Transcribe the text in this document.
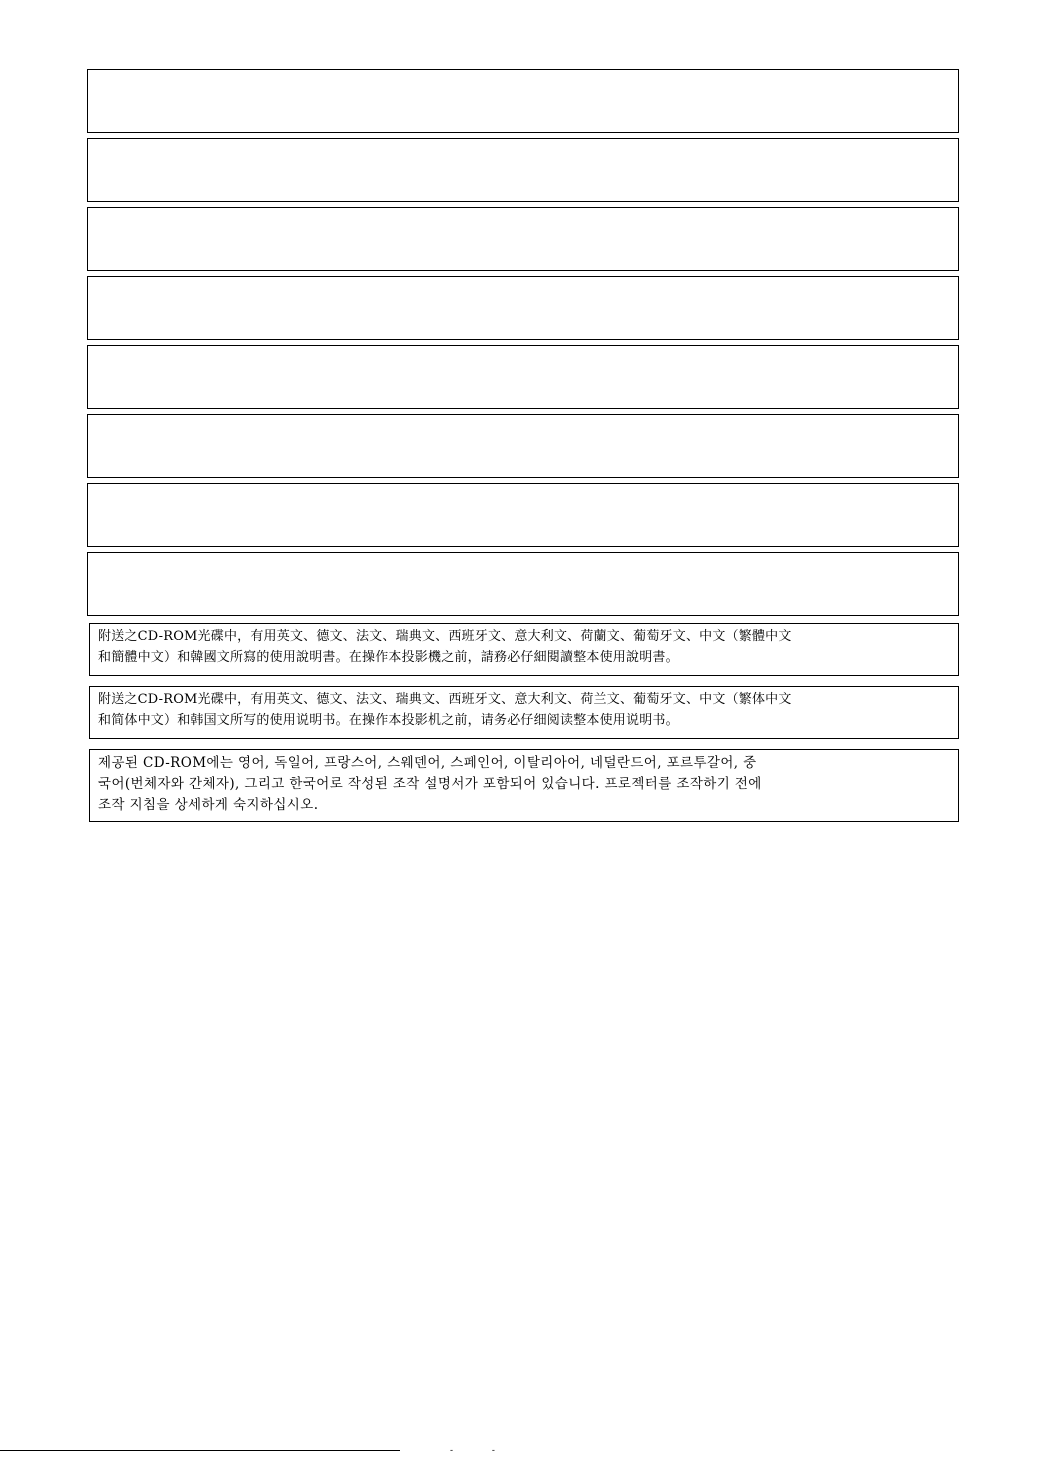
附送之CD-ROM光碟中，有用英文、德文、法文、瑞典文、西班牙文、意大利文、荷蘭文、葡萄牙文、中文（繁體中文
和簡體中文）和韓國文所寫的使用說明書。在操作本投影機之前，請務必仔細閱讀整本使用說明書。
附送之CD-ROM光碟中，有用英文、德文、法文、瑞典文、西班牙文、意大利文、荷兰文、葡萄牙文、中文（繁体中文
和简体中文）和韩国文所写的使用说明书。在操作本投影机之前，请务必仔细阅读整本使用说明书。
제공된 CD-ROM에는 영어, 독일어, 프랑스어, 스웨덴어, 스페인어, 이탈리아어, 네덜란드어, 포르투갈어, 중
국어(번체자와 간체자), 그리고 한국어로 작성된 조작 설명서가 포함되어 있습니다. 프로젝터를 조작하기 전에
조작 지침을 상세하게 숙지하십시오.
‐ ‐
